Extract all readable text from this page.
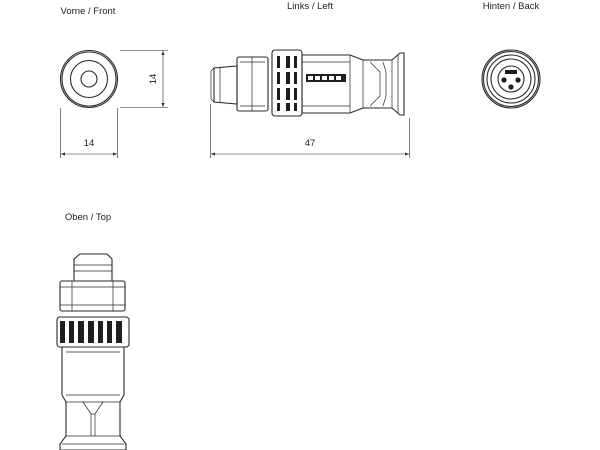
Vorne / Front	Links / Left	Hinten / Back
Oben / Top
14
14	47
